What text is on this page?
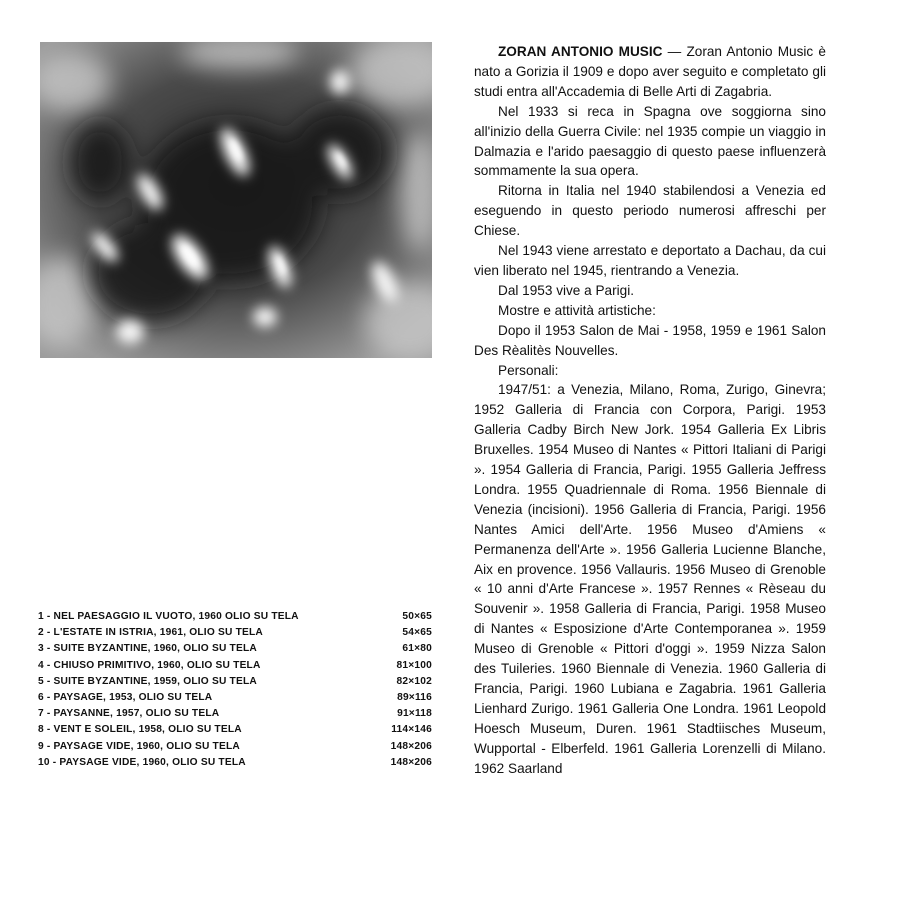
1 - NEL PAESAGGIO IL VUOTO, 1960 OLIO SU TELA	50×65
2 - L'ESTATE IN ISTRIA, 1961, OLIO SU TELA	54×65
3 - SUITE BYZANTINE, 1960, OLIO SU TELA	61×80
4 - CHIUSO PRIMITIVO, 1960, OLIO SU TELA	81×100
5 - SUITE BYZANTINE, 1959, OLIO SU TELA	82×102
6 - PAYSAGE, 1953, OLIO SU TELA	89×116
7 - PAYSANNE, 1957, OLIO SU TELA	91×118
8 - VENT E SOLEIL, 1958, OLIO SU TELA	114×146
9 - PAYSAGE VIDE, 1960, OLIO SU TELA	148×206
10 - PAYSAGE VIDE, 1960, OLIO SU TELA	148×206

ZORAN ANTONIO MUSIC — Zoran Antonio Music è nato a Gorizia il 1909 e dopo aver seguito e completato gli studi entra all'Accademia di Belle Arti di Zagabria.

Nel 1933 si reca in Spagna ove soggiorna sino all'inizio della Guerra Civile: nel 1935 compie un viaggio in Dalmazia e l'arido paesaggio di questo paese influenzerà sommamente la sua opera.

Ritorna in Italia nel 1940 stabilendosi a Venezia ed eseguendo in questo periodo numerosi affreschi per Chiese.

Nel 1943 viene arrestato e deportato a Dachau, da cui vien liberato nel 1945, rientrando a Venezia.

Dal 1953 vive a Parigi.

Mostre e attività artistiche:

Dopo il 1953 Salon de Mai - 1958, 1959 e 1961 Salon Des Rèalitès Nouvelles.

Personali:

1947/51: a Venezia, Milano, Roma, Zurigo, Ginevra; 1952 Galleria di Francia con Corpora, Parigi. 1953 Galleria Cadby Birch New Jork. 1954 Galleria Ex Libris Bruxelles. 1954 Museo di Nantes « Pittori Italiani di Parigi ». 1954 Galleria di Francia, Parigi. 1955 Galleria Jeffress Londra. 1955 Quadriennale di Roma. 1956 Biennale di Venezia (incisioni). 1956 Galleria di Francia, Parigi. 1956 Nantes Amici dell'Arte. 1956 Museo d'Amiens « Permanenza dell'Arte ». 1956 Galleria Lucienne Blanche, Aix en provence. 1956 Vallauris. 1956 Museo di Grenoble « 10 anni d'Arte Francese ». 1957 Rennes « Rèseau du Souvenir ». 1958 Galleria di Francia, Parigi. 1958 Museo di Nantes « Esposizione d'Arte Contemporanea ». 1959 Museo di Grenoble « Pittori d'oggi ». 1959 Nizza Salon des Tuileries. 1960 Biennale di Venezia. 1960 Galleria di Francia, Parigi. 1960 Lubiana e Zagabria. 1961 Galleria Lienhard Zurigo. 1961 Galleria One Londra. 1961 Leopold Hoesch Museum, Duren. 1961 Stadtiisches Museum, Wupportal - Elberfeld. 1961 Galleria Lorenzelli di Milano. 1962 Saarland
